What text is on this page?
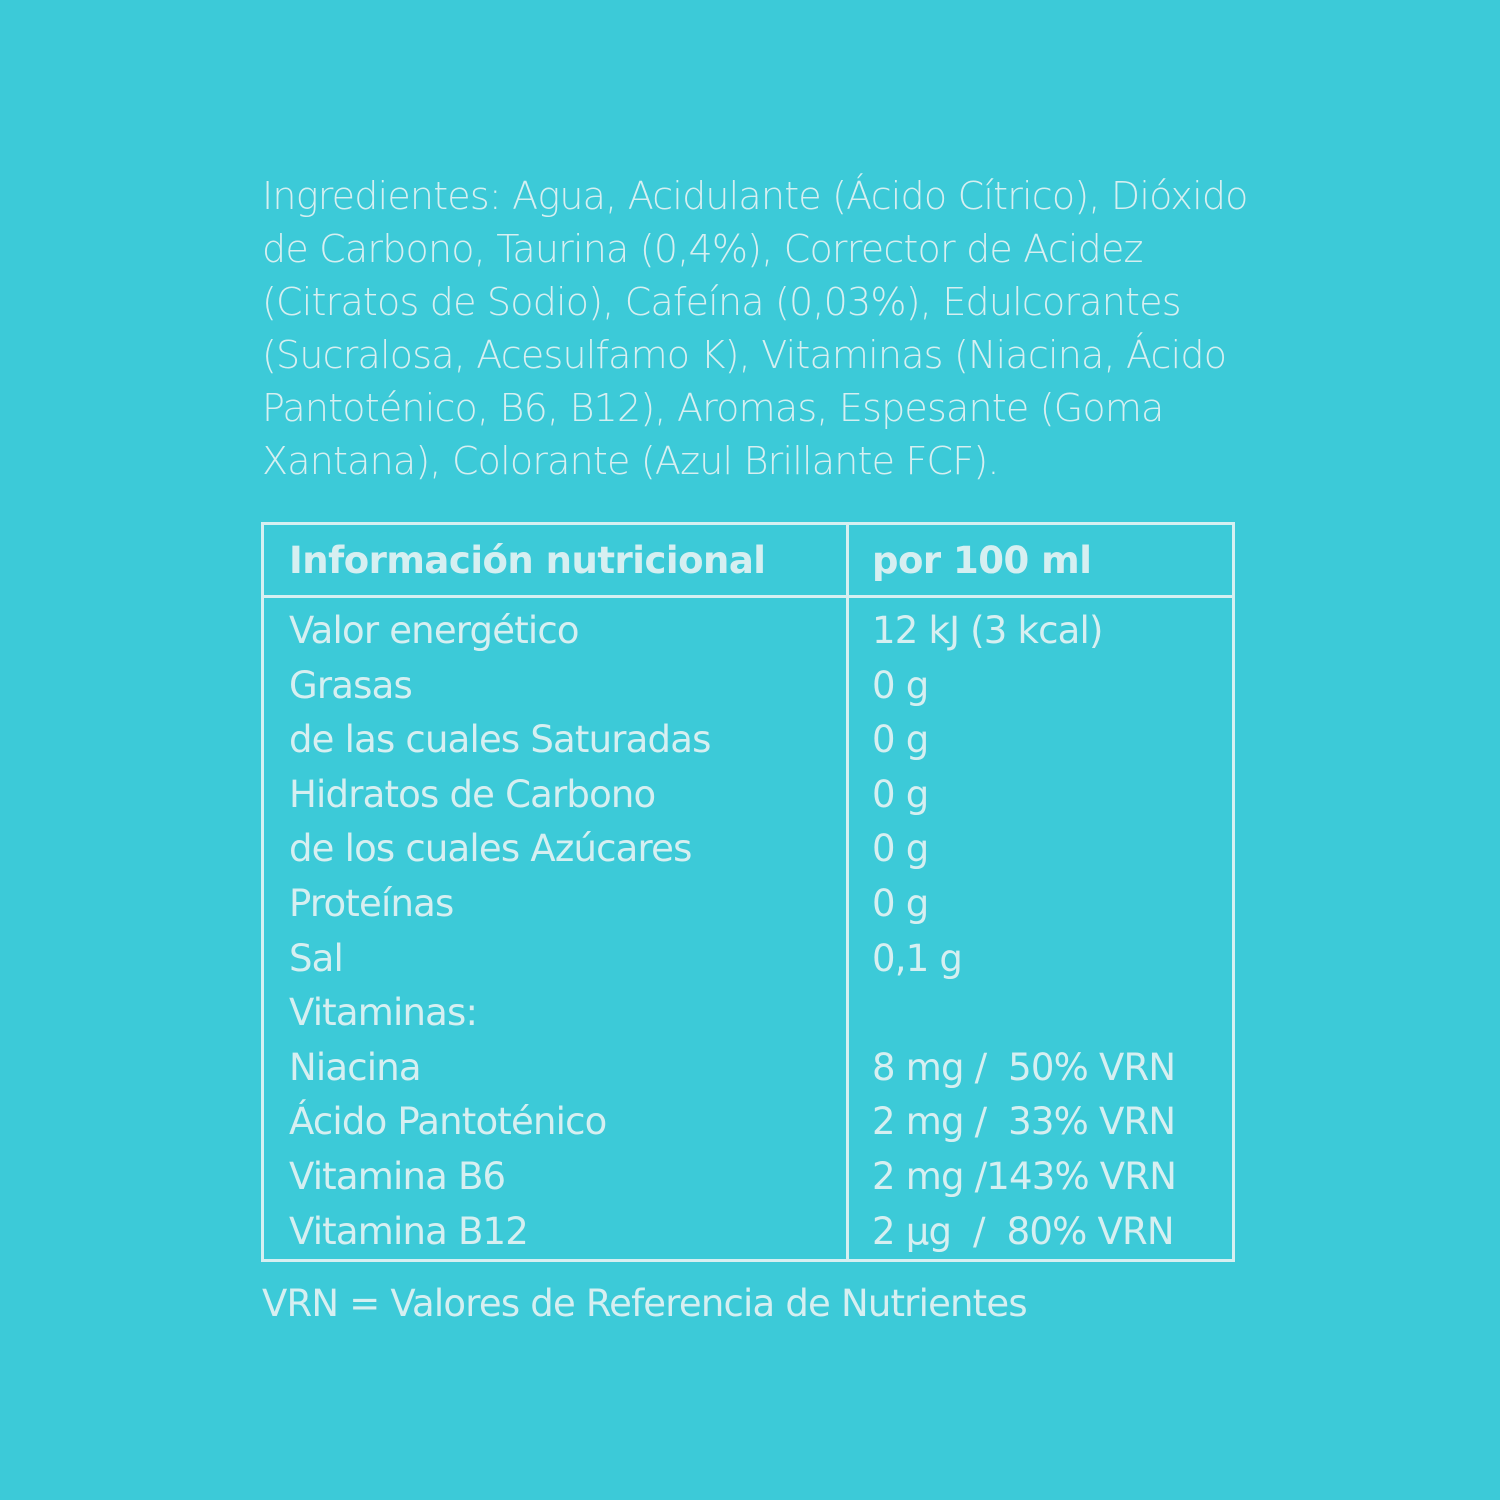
Ingredientes: Agua, Acidulante (Ácido Cítrico), Dióxido

de Carbono, Taurina (0,4%), Corrector de Acidez

(Citratos de Sodio), Cafeína (0,03%), Edulcorantes

(Sucralosa, Acesulfamo K), Vitaminas (Niacina, Ácido

Pantoténico, B6, B12), Aromas, Espesante (Goma

Xantana), Colorante (Azul Brillante FCF).

Información nutricional	por 100 ml
Valor energético	12 kJ (3 kcal)
Grasas	0 g
de las cuales Saturadas	0 g
Hidratos de Carbono	0 g
de los cuales Azúcares	0 g
Proteínas	0 g
Sal	0,1 g
Vitaminas:
Niacina	8 mg /  50% VRN
Ácido Pantoténico	2 mg /  33% VRN
Vitamina B6	2 mg /143% VRN
Vitamina B12	2 µg  /  80% VRN

VRN = Valores de Referencia de Nutrientes
